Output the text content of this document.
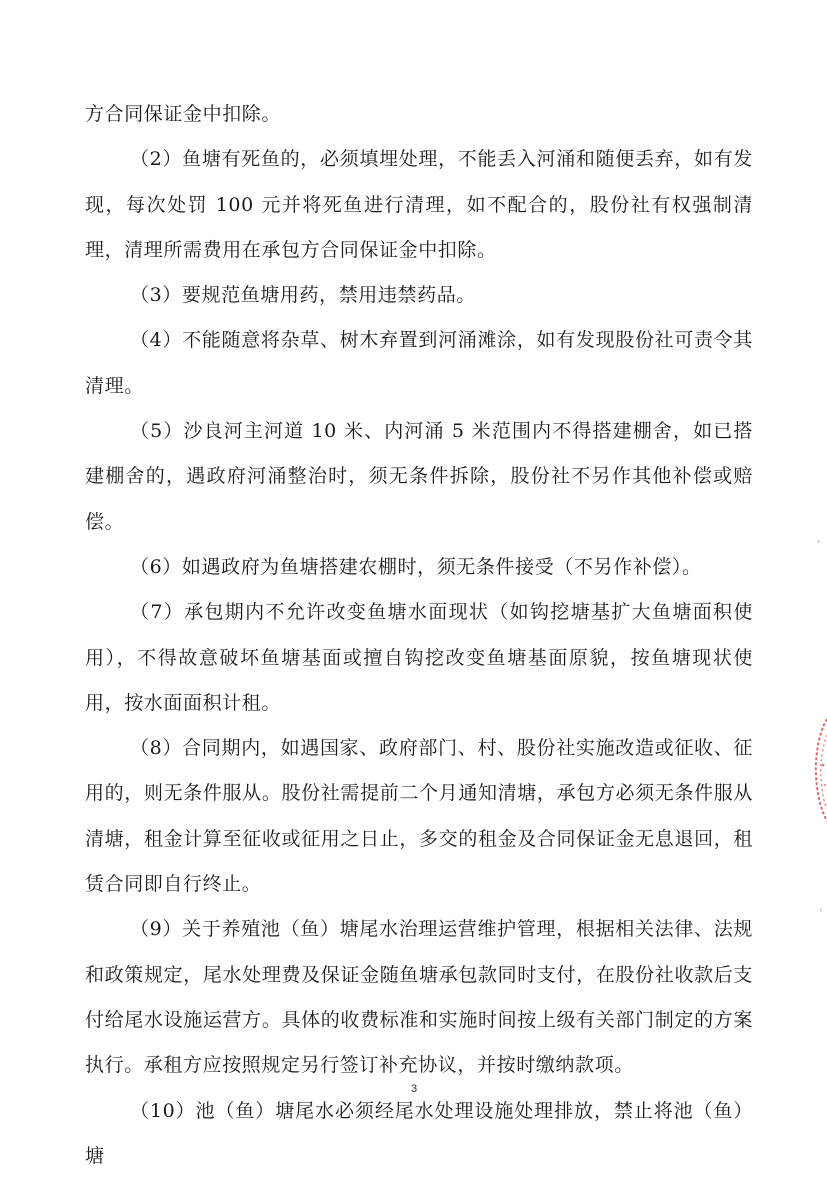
方合同保证金中扣除。

（2）鱼塘有死鱼的，必须填埋处理，不能丢入河涌和随便丢弃，如有发现，每次处罚 100 元并将死鱼进行清理，如不配合的，股份社有权强制清理，清理所需费用在承包方合同保证金中扣除。

（3）要规范鱼塘用药，禁用违禁药品。

（4）不能随意将杂草、树木弃置到河涌滩涂，如有发现股份社可责令其清理。

（5）沙良河主河道 10 米、内河涌 5 米范围内不得搭建棚舍，如已搭建棚舍的，遇政府河涌整治时，须无条件拆除，股份社不另作其他补偿或赔偿。

（6）如遇政府为鱼塘搭建农棚时，须无条件接受（不另作补偿）。

（7）承包期内不允许改变鱼塘水面现状（如钩挖塘基扩大鱼塘面积使用），不得故意破坏鱼塘基面或擅自钩挖改变鱼塘基面原貌，按鱼塘现状使用，按水面面积计租。

（8）合同期内，如遇国家、政府部门、村、股份社实施改造或征收、征用的，则无条件服从。股份社需提前二个月通知清塘，承包方必须无条件服从清塘，租金计算至征收或征用之日止，多交的租金及合同保证金无息退回，租赁合同即自行终止。

（9）关于养殖池（鱼）塘尾水治理运营维护管理，根据相关法律、法规和政策规定，尾水处理费及保证金随鱼塘承包款同时支付，在股份社收款后支付给尾水设施运营方。具体的收费标准和实施时间按上级有关部门制定的方案执行。承租方应按照规定另行签订补充协议，并按时缴纳款项。

（10）池（鱼）塘尾水必须经尾水处理设施处理排放，禁止将池（鱼）塘

3
